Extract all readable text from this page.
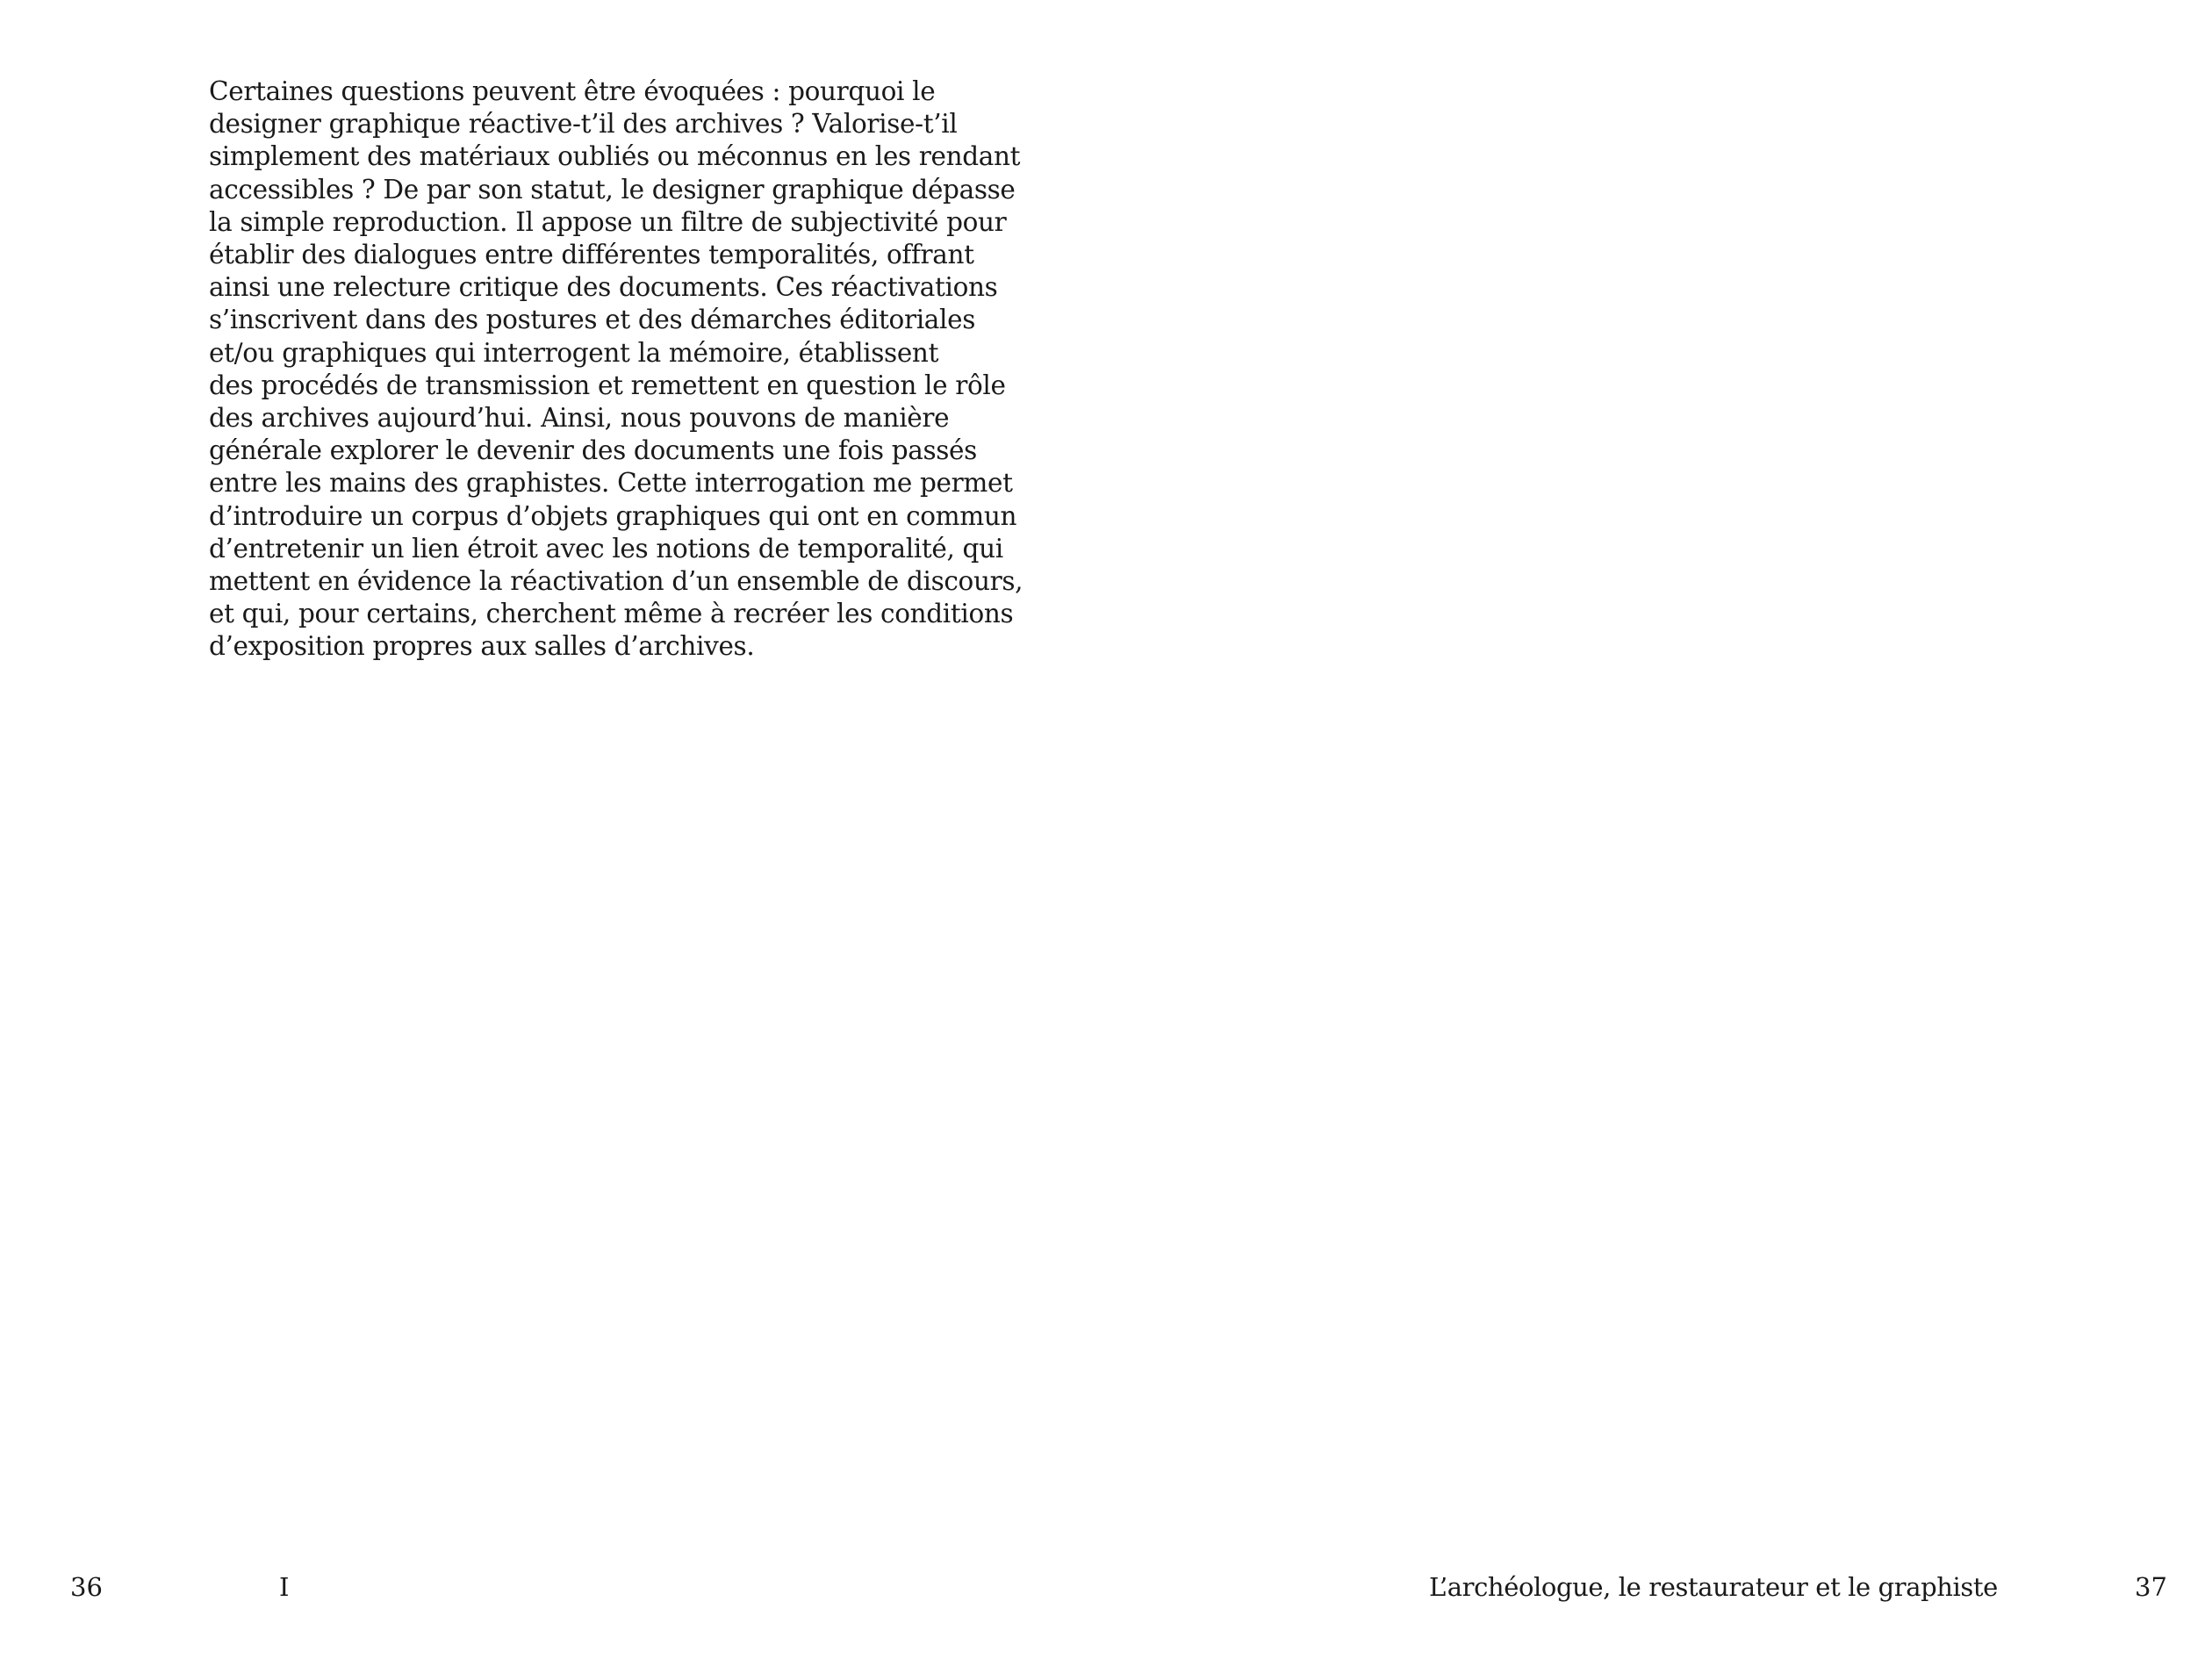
Certaines questions peuvent être évoquées : pourquoi le
designer graphique réactive-t’il des archives ? Valorise-t’il
simplement des matériaux oubliés ou méconnus en les rendant
accessibles ? De par son statut, le designer graphique dépasse
la simple reproduction. Il appose un filtre de subjectivité pour
établir des dialogues entre différentes temporalités, offrant
ainsi une relecture critique des documents. Ces réactivations
s’inscrivent dans des postures et des démarches éditoriales
et/ou graphiques qui interrogent la mémoire, établissent
des procédés de transmission et remettent en question le rôle
des archives aujourd’hui. Ainsi, nous pouvons de manière
générale explorer le devenir des documents une fois passés
entre les mains des graphistes. Cette interrogation me permet
d’introduire un corpus d’objets graphiques qui ont en commun
d’entretenir un lien étroit avec les notions de temporalité, qui
mettent en évidence la réactivation d’un ensemble de discours,
et qui, pour certains, cherchent même à recréer les conditions
d’exposition propres aux salles d’archives.

36	I	L’archéologue, le restaurateur et le graphiste	37
